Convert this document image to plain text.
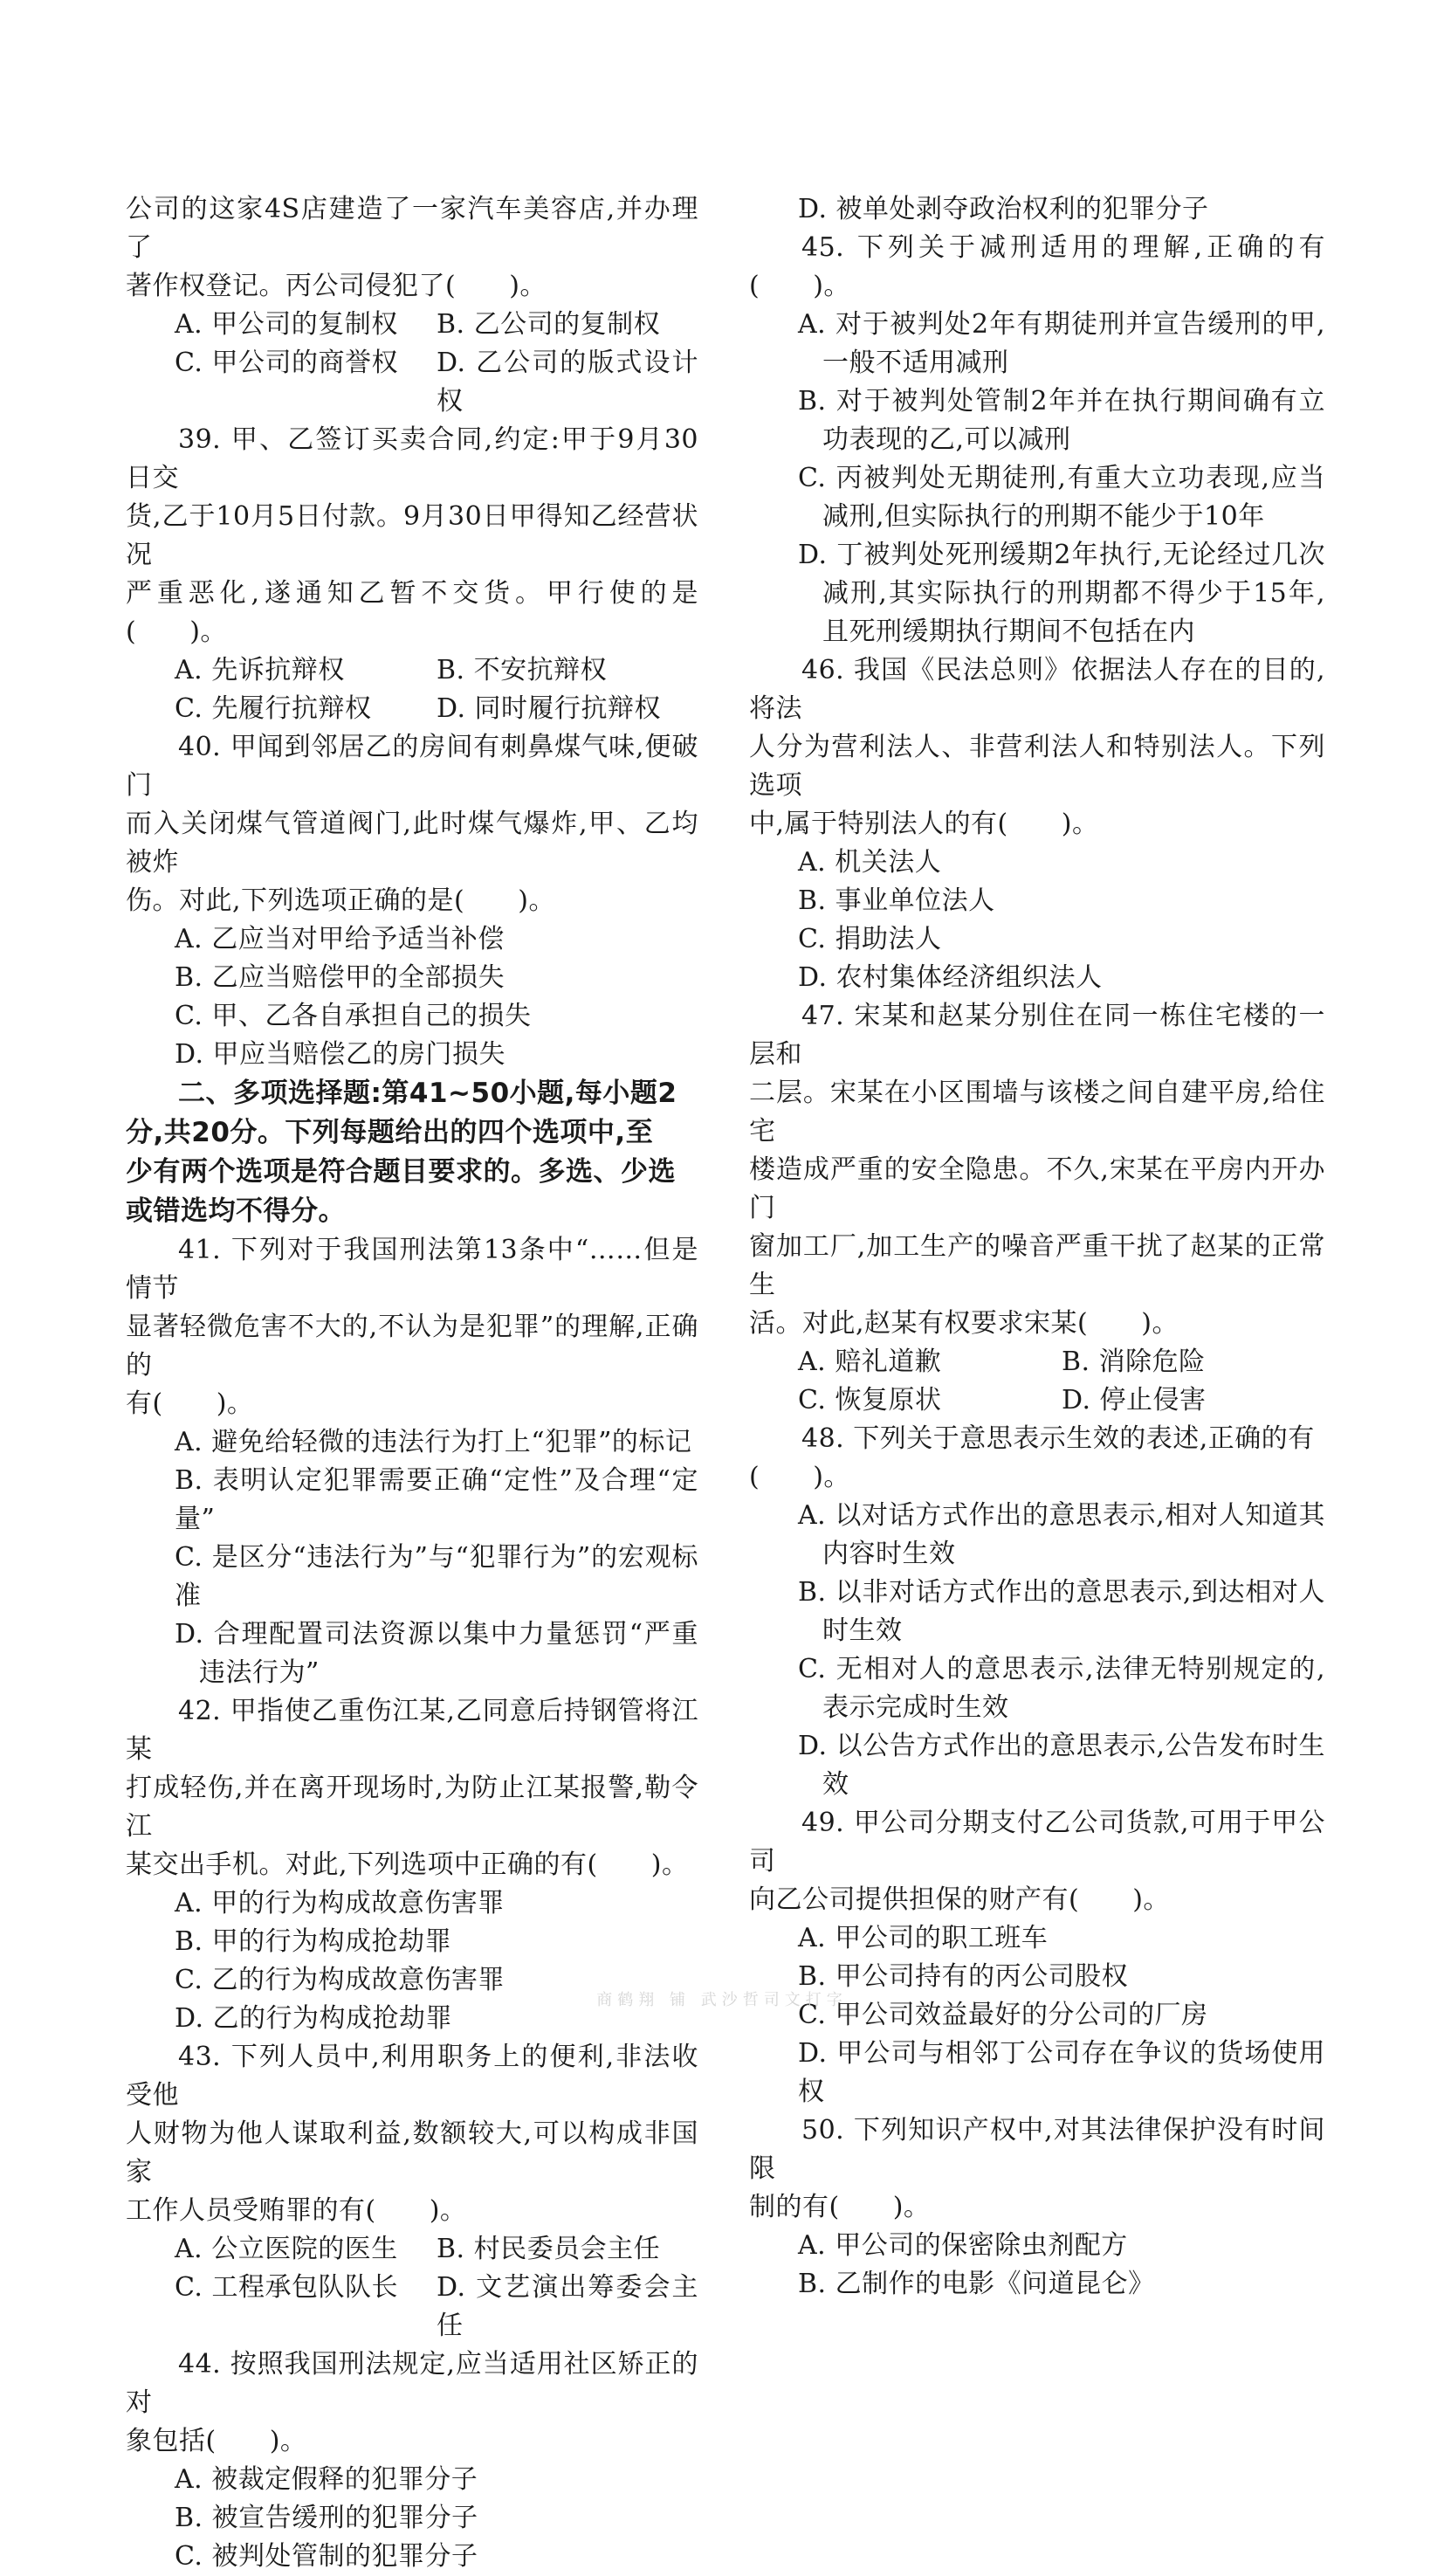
公司的这家4S店建造了一家汽车美容店,并办理了

著作权登记。丙公司侵犯了(　　)。

A. 甲公司的复制权	B. 乙公司的复制权

C. 甲公司的商誉权	D. 乙公司的版式设计权

39. 甲、乙签订买卖合同,约定:甲于9月30日交

货,乙于10月5日付款。9月30日甲得知乙经营状况

严重恶化,遂通知乙暂不交货。甲行使的是(　　)。

A. 先诉抗辩权	B. 不安抗辩权

C. 先履行抗辩权	D. 同时履行抗辩权

40. 甲闻到邻居乙的房间有刺鼻煤气味,便破门

而入关闭煤气管道阀门,此时煤气爆炸,甲、乙均被炸

伤。对此,下列选项正确的是(　　)。

A. 乙应当对甲给予适当补偿

B. 乙应当赔偿甲的全部损失

C. 甲、乙各自承担自己的损失

D. 甲应当赔偿乙的房门损失

二、多项选择题:第41~50小题,每小题2

分,共20分。下列每题给出的四个选项中,至

少有两个选项是符合题目要求的。多选、少选

或错选均不得分。

41. 下列对于我国刑法第13条中“……但是情节

显著轻微危害不大的,不认为是犯罪”的理解,正确的

有(　　)。

A. 避免给轻微的违法行为打上“犯罪”的标记

B. 表明认定犯罪需要正确“定性”及合理“定量”

C. 是区分“违法行为”与“犯罪行为”的宏观标准

D. 合理配置司法资源以集中力量惩罚“严重违法行为”

42. 甲指使乙重伤江某,乙同意后持钢管将江某

打成轻伤,并在离开现场时,为防止江某报警,勒令江

某交出手机。对此,下列选项中正确的有(　　)。

A. 甲的行为构成故意伤害罪

B. 甲的行为构成抢劫罪

C. 乙的行为构成故意伤害罪

D. 乙的行为构成抢劫罪

43. 下列人员中,利用职务上的便利,非法收受他

人财物为他人谋取利益,数额较大,可以构成非国家

工作人员受贿罪的有(　　)。

A. 公立医院的医生	B. 村民委员会主任

C. 工程承包队队长	D. 文艺演出筹委会主任

44. 按照我国刑法规定,应当适用社区矫正的对

象包括(　　)。

A. 被裁定假释的犯罪分子

B. 被宣告缓刑的犯罪分子

C. 被判处管制的犯罪分子

D. 被单处剥夺政治权利的犯罪分子

45. 下列关于减刑适用的理解,正确的有(　　)。

A. 对于被判处2年有期徒刑并宣告缓刑的甲,一般不适用减刑

B. 对于被判处管制2年并在执行期间确有立功表现的乙,可以减刑

C. 丙被判处无期徒刑,有重大立功表现,应当减刑,但实际执行的刑期不能少于10年

D. 丁被判处死刑缓期2年执行,无论经过几次减刑,其实际执行的刑期都不得少于15年,且死刑缓期执行期间不包括在内

46. 我国《民法总则》依据法人存在的目的,将法

人分为营利法人、非营利法人和特别法人。下列选项

中,属于特别法人的有(　　)。

A. 机关法人

B. 事业单位法人

C. 捐助法人

D. 农村集体经济组织法人

47. 宋某和赵某分别住在同一栋住宅楼的一层和

二层。宋某在小区围墙与该楼之间自建平房,给住宅

楼造成严重的安全隐患。不久,宋某在平房内开办门

窗加工厂,加工生产的噪音严重干扰了赵某的正常生

活。对此,赵某有权要求宋某(　　)。

A. 赔礼道歉	B. 消除危险

C. 恢复原状	D. 停止侵害

48. 下列关于意思表示生效的表述,正确的有

(　　)。

A. 以对话方式作出的意思表示,相对人知道其内容时生效

B. 以非对话方式作出的意思表示,到达相对人时生效

C. 无相对人的意思表示,法律无特别规定的,表示完成时生效

D. 以公告方式作出的意思表示,公告发布时生效

49. 甲公司分期支付乙公司货款,可用于甲公司

向乙公司提供担保的财产有(　　)。

A. 甲公司的职工班车

B. 甲公司持有的丙公司股权

C. 甲公司效益最好的分公司的厂房

D. 甲公司与相邻丁公司存在争议的货场使用权

50. 下列知识产权中,对其法律保护没有时间限

制的有(　　)。

A. 甲公司的保密除虫剂配方

B. 乙制作的电影《问道昆仑》

商鹤翔 铺 武沙哲司文打字
